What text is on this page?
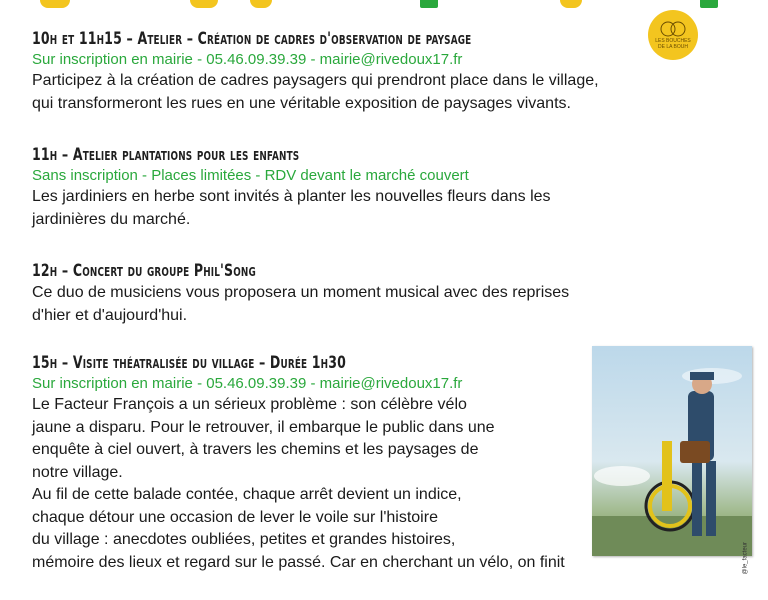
LES BOUCHES
DE LA BOUH
10h et 11h15 – Atelier – Création de cadres d'observation de paysage
Sur inscription en mairie - 05.46.09.39.39 - mairie@rivedoux17.fr
Participez à la création de cadres paysagers qui prendront place dans le village,
qui transformeront les rues en une véritable exposition de paysages vivants.
11h – Atelier plantations pour les enfants
Sans inscription - Places limitées - RDV devant le marché couvert
Les jardiniers en herbe sont invités à planter les nouvelles fleurs dans les
jardinières du marché.
12h – Concert du groupe Phil'Song
Ce duo de musiciens vous proposera un moment musical avec des reprises
d'hier et d'aujourd'hui.
15h – Visite théatralisée du village – Durée 1h30
Sur inscription en mairie - 05.46.09.39.39 - mairie@rivedoux17.fr
Le Facteur François a un sérieux problème : son célèbre vélo
jaune a disparu. Pour le retrouver, il embarque le public dans une
enquête à ciel ouvert, à travers les chemins et les paysages de
notre village.
Au fil de cette balade contée, chaque arrêt devient un indice,
chaque détour une occasion de lever le voile sur l'histoire
du village : anecdotes oubliées, petites et grandes histoires,
mémoire des lieux et regard sur le passé. Car en cherchant un vélo, on finit	@le_facteur
